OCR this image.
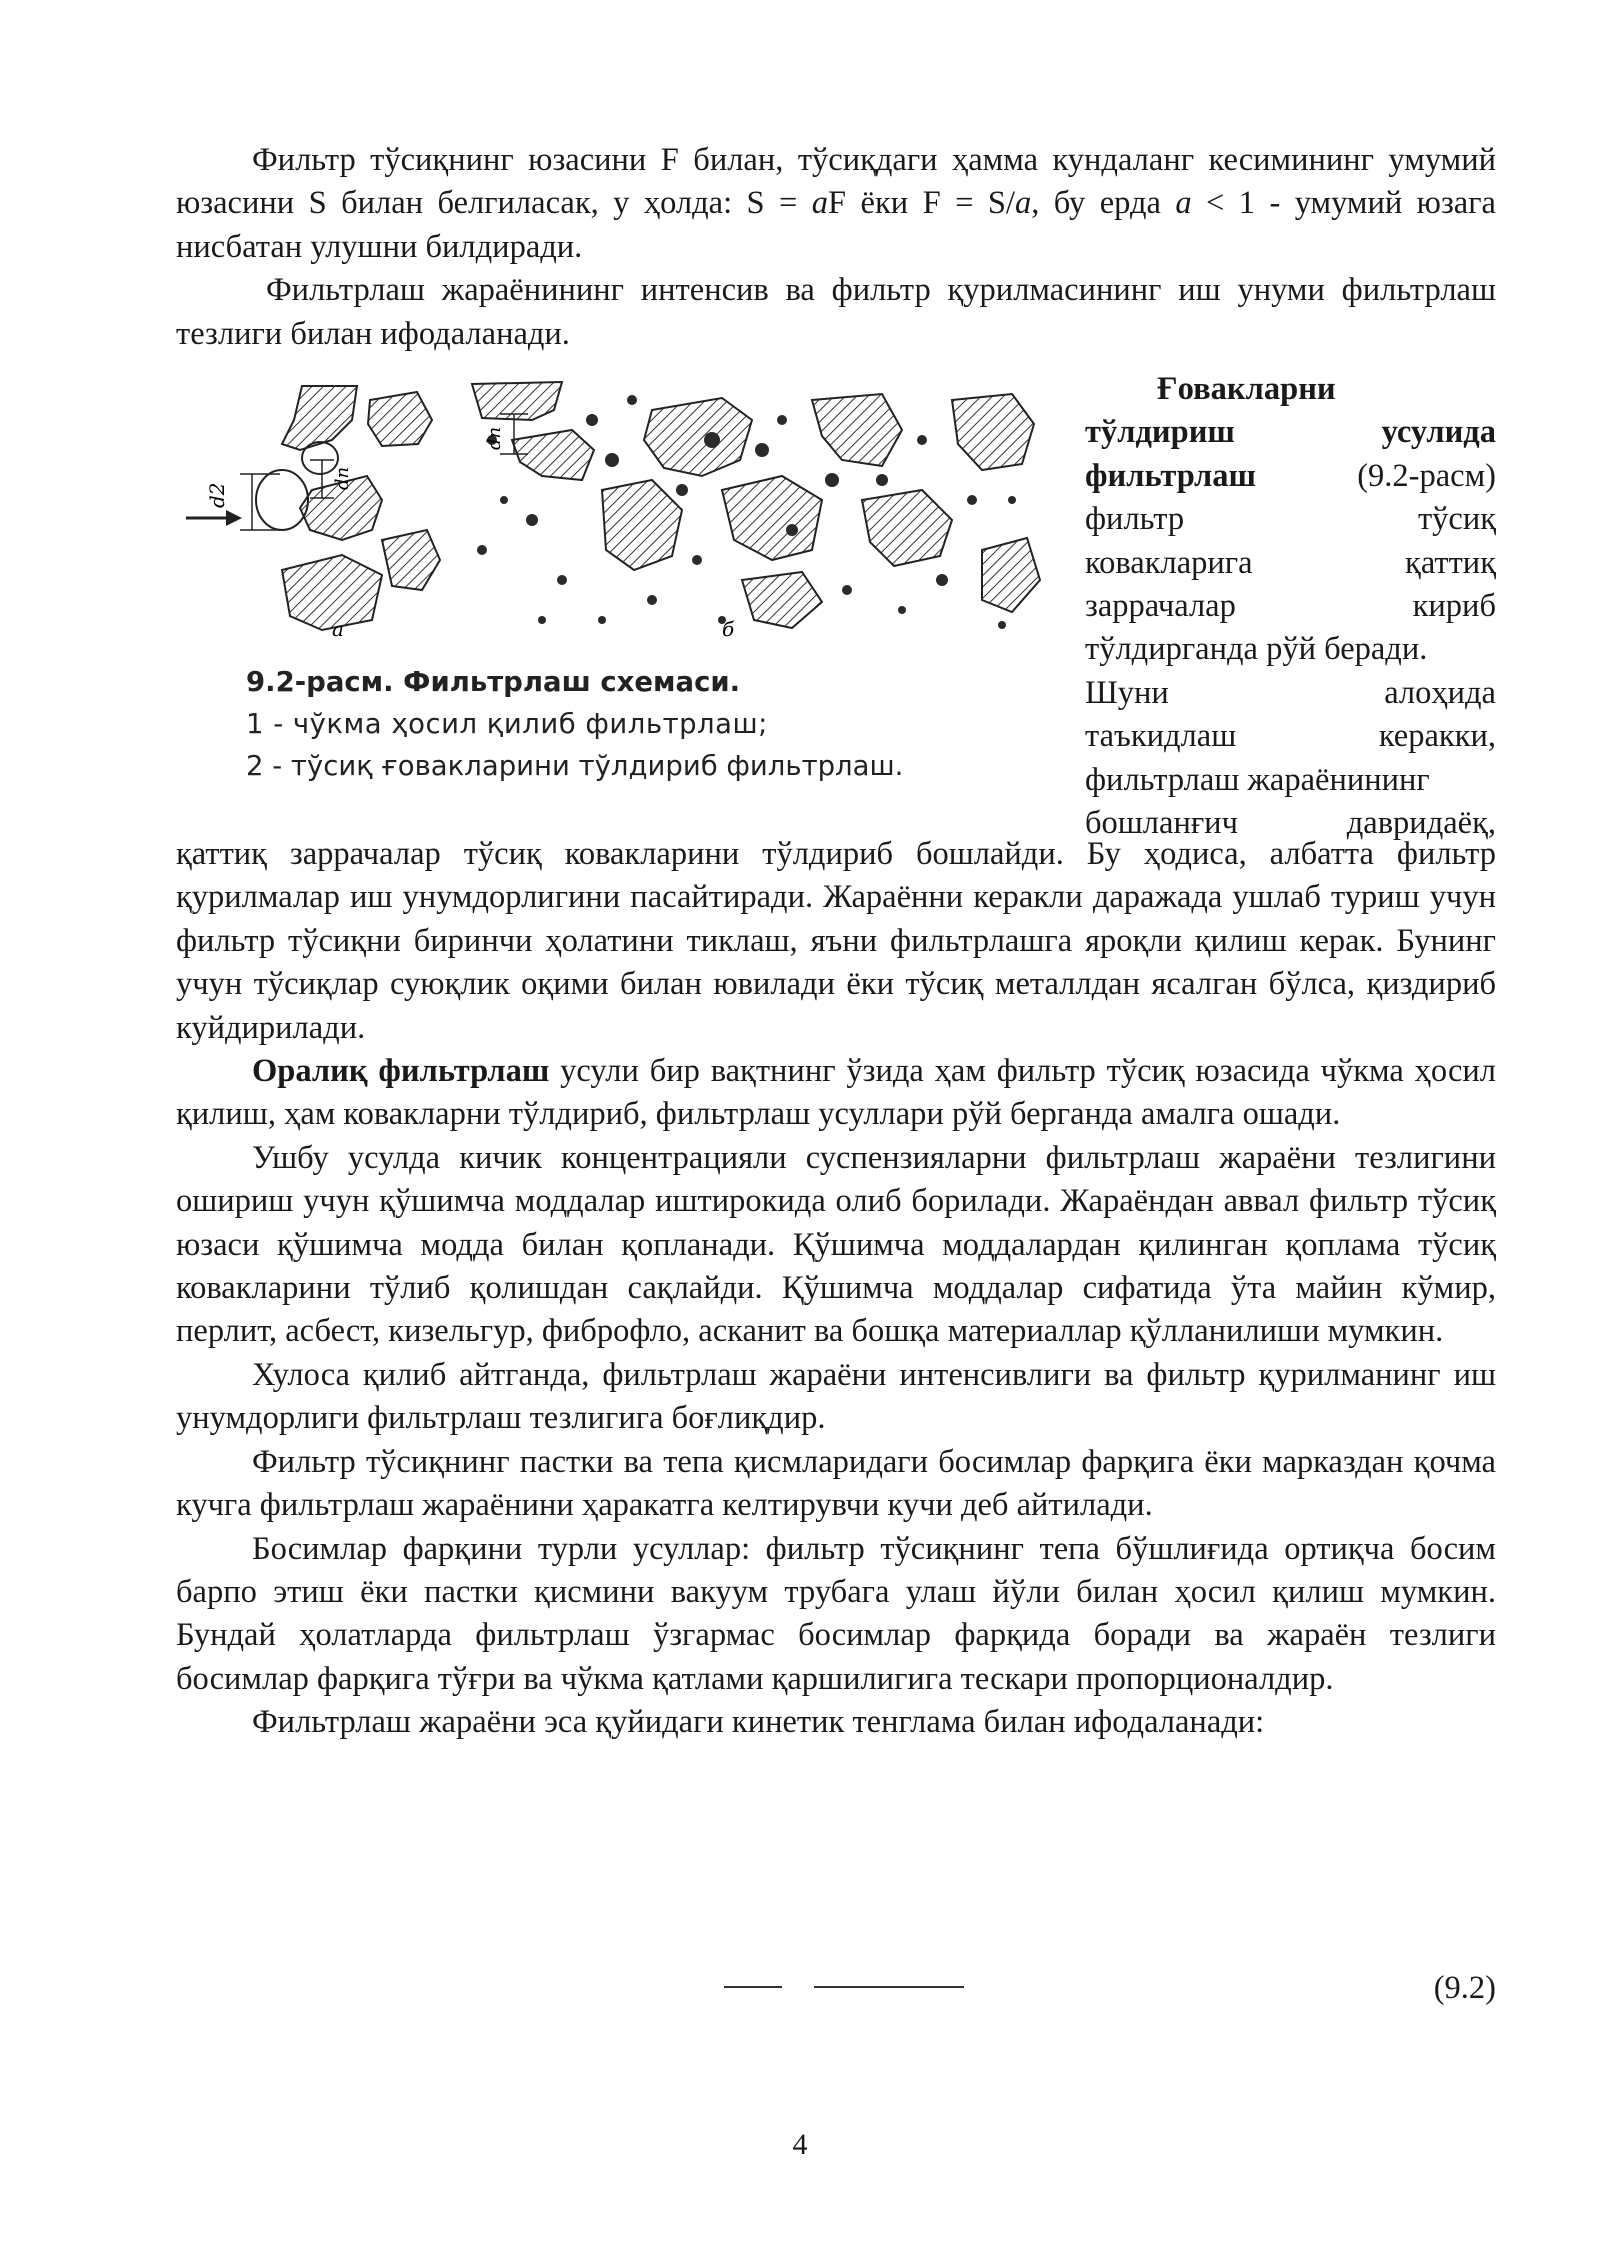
Фильтр тўсиқнинг юзасини F билан, тўсиқдаги ҳамма кундаланг кесимининг умумий юзасини S билан белгиласак, у ҳолда: S = aF ёки F = S/a, бу ерда a < 1 - умумий юзага нисбатан улушни билдиради.

Фильтрлаш жараёнининг интенсив ва фильтр қурилмасининг иш унуми фильтрлаш тезлиги билан ифодаланади.

d2
dп
а
dп
б
9.2-расм. Фильтрлаш схемаси.
1 - чўкма ҳосил қилиб фильтрлаш;
2 - тўсиқ ғовакларини тўлдириб фильтрлаш.
Ғовакларни
тўлдириш	усулида
фильтрлаш	(9.2-расм)
фильтр	тўсиқ
ковакларига	қаттиқ
заррачалар	кириб
тўлдирганда рўй беради.
Шуни	алоҳида
таъкидлаш	керакки,
фильтрлаш жараёнининг
бошланғич	даврида​ёқ,

қаттиқ заррачалар тўсиқ ковакларини тўлдириб бошлайди. Бу ҳодиса, албатта фильтр қурилмалар иш унумдорлигини пасайтиради. Жараённи керакли даражада ушлаб туриш учун фильтр тўсиқни биринчи ҳолатини тиклаш, яъни фильтрлашга яроқли қилиш керак. Бунинг учун тўсиқлар суюқлик оқими билан ювилади ёки тўсиқ металлдан ясалган бўлса, қиздириб куйдирилади.

Оралиқ фильтрлаш усули бир вақтнинг ўзида ҳам фильтр тўсиқ юзасида чўкма ҳосил қилиш, ҳам ковакларни тўлдириб, фильтрлаш усуллари рўй берганда амалга ошади.

Ушбу усулда кичик концентрацияли суспензияларни фильтрлаш жараёни тезлигини ошириш учун қўшимча моддалар иштирокида олиб борилади. Жараёндан аввал фильтр тўсиқ юзаси қўшимча модда билан қопланади. Қўшимча моддалардан қилинган қоплама тўсиқ ковакларини тўлиб қолишдан сақлайди. Қўшимча моддалар сифатида ўта майин кўмир, перлит, асбест, кизельгур, фиброфло, асканит ва бошқа материаллар қўлланилиши мумкин.

Хулоса қилиб айтганда, фильтрлаш жараёни интенсивлиги ва фильтр қурилманинг иш унумдорлиги фильтрлаш тезлигига боғлиқдир.

Фильтр тўсиқнинг пастки ва тепа қисмларидаги босимлар фарқига ёки марказдан қочма кучга фильтрлаш жараёнини ҳаракатга келтирувчи кучи деб айтилади.

Босимлар фарқини турли усуллар: фильтр тўсиқнинг тепа бўшлиғида ортиқча босим барпо этиш ёки пастки қисмини вакуум трубага улаш йўли билан ҳосил қилиш мумкин. Бундай ҳолатларда фильтрлаш ўзгармас босимлар фарқида боради ва жараён тезлиги босимлар фарқига тўғри ва чўкма қатлами қаршилигига тескари пропорционалдир.

Фильтрлаш жараёни эса қуйидаги кинетик тенглама билан ифодаланади:

(9.2)
4
